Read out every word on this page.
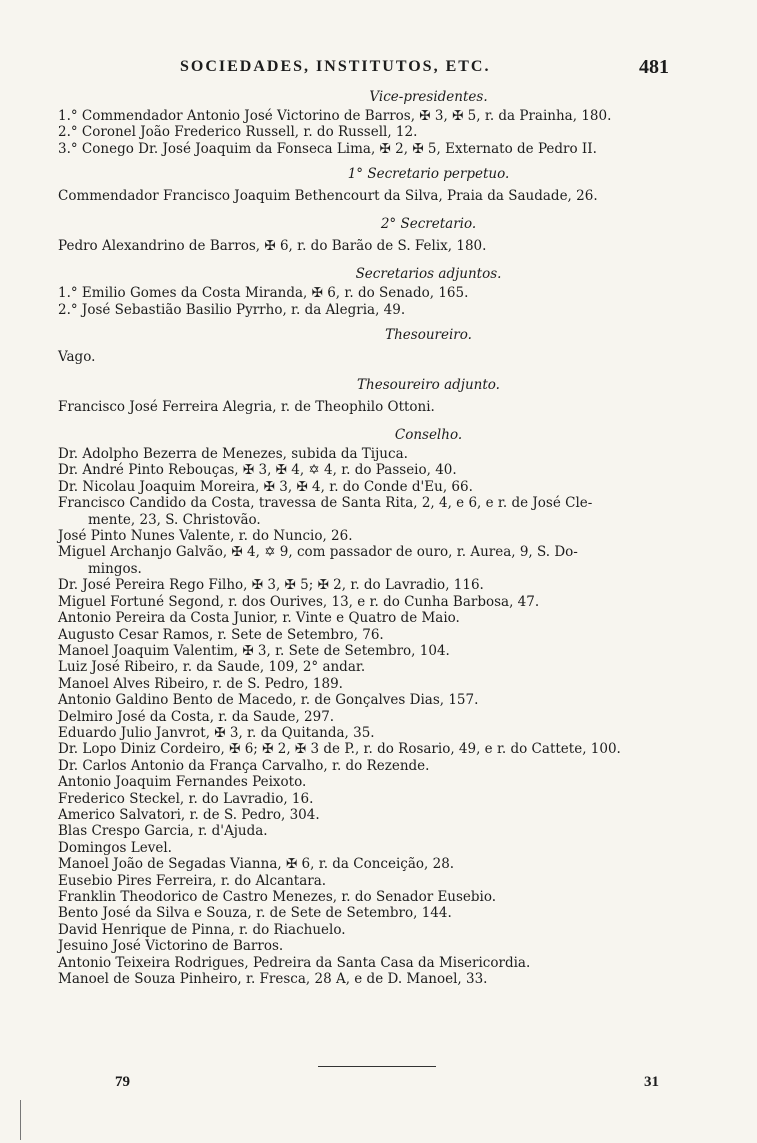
SOCIEDADES, INSTITUTOS, ETC.	481
Vice-presidentes.
1.° Commendador Antonio José Victorino de Barros, ✠ 3, ✠ 5, r. da Prainha, 180.
2.° Coronel João Frederico Russell, r. do Russell, 12.
3.° Conego Dr. José Joaquim da Fonseca Lima, ✠ 2, ✠ 5, Externato de Pedro II.
1° Secretario perpetuo.
Commendador Francisco Joaquim Bethencourt da Silva, Praia da Saudade, 26.
2° Secretario.
Pedro Alexandrino de Barros, ✠ 6, r. do Barão de S. Felix, 180.
Secretarios adjuntos.
1.° Emilio Gomes da Costa Miranda, ✠ 6, r. do Senado, 165.
2.° José Sebastião Basilio Pyrrho, r. da Alegria, 49.
Thesoureiro.
Vago.
Thesoureiro adjunto.
Francisco José Ferreira Alegria, r. de Theophilo Ottoni.
Conselho.
Dr. Adolpho Bezerra de Menezes, subida da Tijuca.
Dr. André Pinto Rebouças, ✠ 3, ✠ 4, ✡ 4, r. do Passeio, 40.
Dr. Nicolau Joaquim Moreira, ✠ 3, ✠ 4, r. do Conde d'Eu, 66.
Francisco Candido da Costa, travessa de Santa Rita, 2, 4, e 6, e r. de José Cle-
mente, 23, S. Christovão.
José Pinto Nunes Valente, r. do Nuncio, 26.
Miguel Archanjo Galvão, ✠ 4, ✡ 9, com passador de ouro, r. Aurea, 9, S. Do-
mingos.
Dr. José Pereira Rego Filho, ✠ 3, ✠ 5; ✠ 2, r. do Lavradio, 116.
Miguel Fortuné Segond, r. dos Ourives, 13, e r. do Cunha Barbosa, 47.
Antonio Pereira da Costa Junior, r. Vinte e Quatro de Maio.
Augusto Cesar Ramos, r. Sete de Setembro, 76.
Manoel Joaquim Valentim, ✠ 3, r. Sete de Setembro, 104.
Luiz José Ribeiro, r. da Saude, 109, 2° andar.
Manoel Alves Ribeiro, r. de S. Pedro, 189.
Antonio Galdino Bento de Macedo, r. de Gonçalves Dias, 157.
Delmiro José da Costa, r. da Saude, 297.
Eduardo Julio Janvrot, ✠ 3, r. da Quitanda, 35.
Dr. Lopo Diniz Cordeiro, ✠ 6; ✠ 2, ✠ 3 de P., r. do Rosario, 49, e r. do Cattete, 100.
Dr. Carlos Antonio da França Carvalho, r. do Rezende.
Antonio Joaquim Fernandes Peixoto.
Frederico Steckel, r. do Lavradio, 16.
Americo Salvatori, r. de S. Pedro, 304.
Blas Crespo Garcia, r. d'Ajuda.
Domingos Level.
Manoel João de Segadas Vianna, ✠ 6, r. da Conceição, 28.
Eusebio Pires Ferreira, r. do Alcantara.
Franklin Theodorico de Castro Menezes, r. do Senador Eusebio.
Bento José da Silva e Souza, r. de Sete de Setembro, 144.
David Henrique de Pinna, r. do Riachuelo.
Jesuino José Victorino de Barros.
Antonio Teixeira Rodrigues, Pedreira da Santa Casa da Misericordia.
Manoel de Souza Pinheiro, r. Fresca, 28 A, e de D. Manoel, 33.
79	31
